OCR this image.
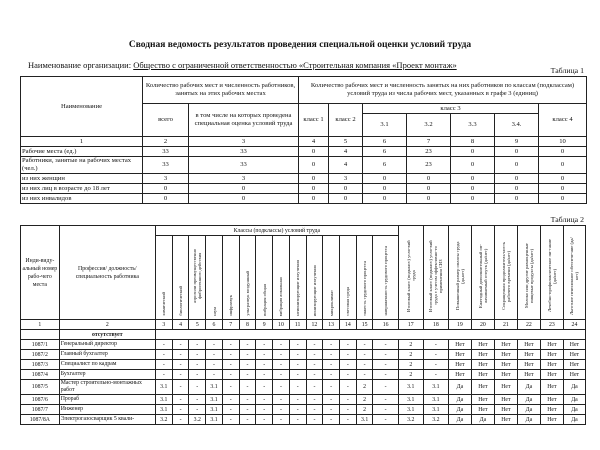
Сводная ведомость результатов проведения специальной оценки условий труда
Наименование организации: Обществo с ограниченной ответственностью «Строительная компания «Проект монтаж»
Таблица 1
Наименование	Количество рабочих мест и численность работников, занятых на этих рабочих местах		Количество рабочих мест и численность занятых на них работников по классам (подклассам) условий труда из числа рабочих мест, указанных в графе 3 (единиц)						
	всего	в том числе на которых проведена специальная оценка условий труда	класс 1	класс 2	класс 3				класс 4
					3.1	3.2	3.3	3.4.	
1	2	3	4	5	6	7	8	9	10
Рабочие места (ед.)	33	33	0	4	6	23	0	0	0
Работники, занятые на рабочих местах (чел.)	33	33	0	4	6	23	0	0	0
из них женщин	3	3	0	3	0	0	0	0	0
из них лиц в возрасте до 18 лет	0	0	0	0	0	0	0	0	0
из них инвалидов	0	0	0	0	0	0	0	0	0
Таблица 2
Инди-виду-альный номер рабо-чего места	Профессия/ должность/ специальность работника	Классы (подклассы) условий труда														Итоговый класс (подкласс) усло-вий труда	Итоговый класс (подкласс) усло-вий труда с учетом эффективно-го применения СИЗ	Повышенный размер оплаты труда (да,нет)	Ежегодный дополнительный оп-лачиваемый отпуск (да/нет)	Сокращенная продолжитель-ность рабочего времени (да/нет)	Молоко или другие равноценные пищевые продукты (да/нет)	Лечебно-профилактическое пи-тание (да/нет)	Льготное пенсионное обеспече-ние (да/нет)
		химический	биологический	аэрозоли преимущественно фиброгенного действия	шум	инфразвук	ультразвук воздушный	вибрация общая	вибрация локальная	неионизирующие излучения	ионизирующие излучения	микроклимат	световая среда	тяжесть трудового процесса	напряженность трудового процесса								
1	2	3	4	5	6	7	8	9	10	11	12	13	14	15	16	17	18	19	20	21	22	23	24
	отсутствует																						
1087/1	Генеральный директор	-	-	-	-	-	-	-	-	-	-	-	-	-	-	2	-	Нет	Нет	Нет	Нет	Нет	Нет
1087/2	Главный бухгалтер	-	-	-	-	-	-	-	-	-	-	-	-	-	-	2	-	Нет	Нет	Нет	Нет	Нет	Нет
1087/3	Специалист по кадрам	-	-	-	-	-	-	-	-	-	-	-	-	-	-	2	-	Нет	Нет	Нет	Нет	Нет	Нет
1087/4	Бухгалтер	-	-	-	-	-	-	-	-	-	-	-	-	-	-	2	-	Нет	Нет	Нет	Нет	Нет	Нет
1087/5	Мастер строительно-монтажных работ	3.1	-	-	3.1	-	-	-	-	-	-	-	-	2	-	3.1	3.1	Да	Нет	Нет	Да	Нет	Да
1087/6	Прораб	3.1	-	-	3.1	-	-	-	-	-	-	-	-	2	-	3.1	3.1	Да	Нет	Нет	Да	Нет	Да
1087/7	Инженер	3.1	-	-	3.1	-	-	-	-	-	-	-	-	2	-	3.1	3.1	Да	Нет	Нет	Да	Нет	Да
1087/8А	Электрогазосварщик 5 квали-	3.2	-	3.2	3.1	-	-	-	-	-	-	-	-	3.1	-	3.2	3.2	Да	Да	Нет	Да	Нет	Да
